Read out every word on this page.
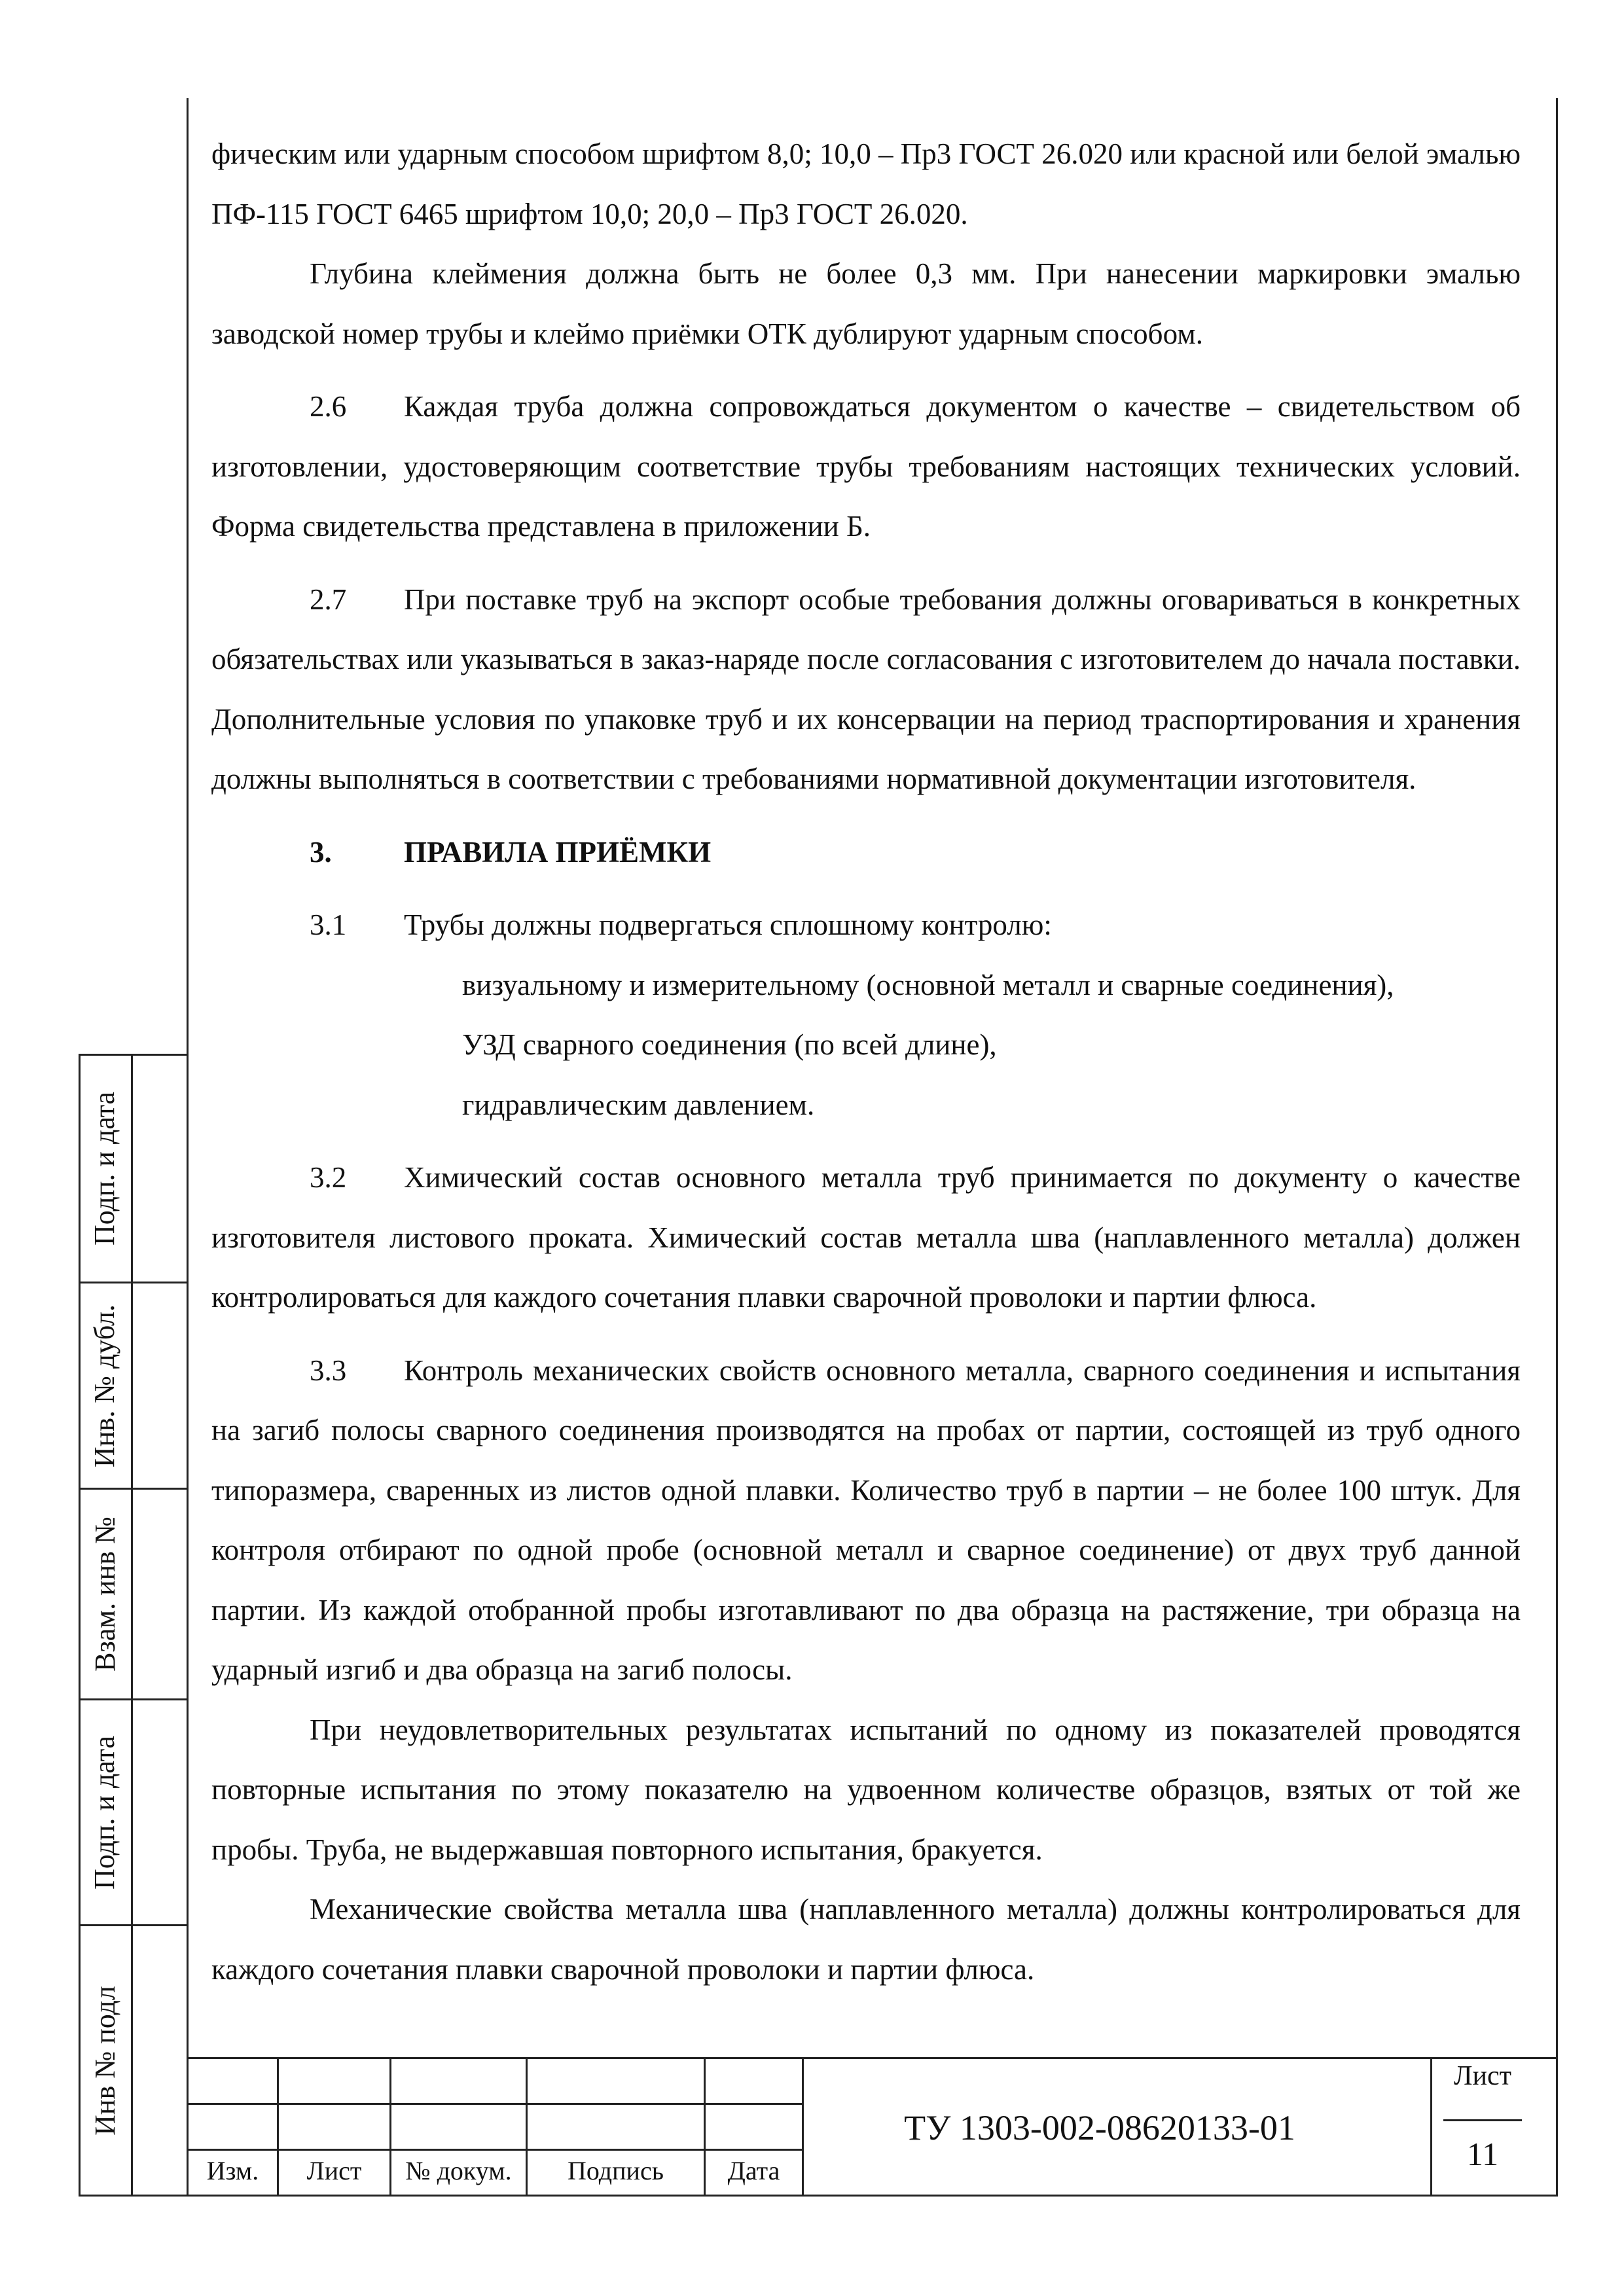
Подп. и дата
Инв. № дубл.
Взам. инв №
Подп. и дата
Инв № подл

фическим или ударным способом шрифтом 8,0; 10,0 – Пр3 ГОСТ 26.020 или красной или белой эмалью ПФ-115 ГОСТ 6465 шрифтом 10,0; 20,0 – Пр3 ГОСТ 26.020.

Глубина клеймения должна быть не более 0,3 мм. При нанесении маркировки эмалью заводской номер трубы и клеймо приёмки ОТК дублируют ударным способом.

2.6 Каждая труба должна сопровождаться документом о качестве – свидетельством об изготовлении, удостоверяющим соответствие трубы требованиям настоящих технических условий. Форма свидетельства представлена в приложении Б.

2.7 При поставке труб на экспорт особые требования должны оговариваться в конкретных обязательствах или указываться в заказ-наряде после согласования с изготовителем до начала поставки. Дополнительные условия по упаковке труб и их консервации на период траспортирования и хранения должны выполняться в соответствии с требованиями нормативной документации изготовителя.

3. ПРАВИЛА ПРИЁМКИ

3.1 Трубы должны подвергаться сплошному контролю:

визуальному и измерительному (основной металл и сварные соединения),

УЗД сварного соединения (по всей длине),

гидравлическим давлением.

3.2 Химический состав основного металла труб принимается по документу о качестве изготовителя листового проката. Химический состав металла шва (наплавленного металла) должен контролироваться для каждого сочетания плавки сварочной проволоки и партии флюса.

3.3 Контроль механических свойств основного металла, сварного соединения и испытания на загиб полосы сварного соединения производятся на пробах от партии, состоящей из труб одного типоразмера, сваренных из листов одной плавки. Количество труб в партии – не более 100 штук. Для контроля отбирают по одной пробе (основной металл и сварное соединение) от двух труб данной партии. Из каждой отобранной пробы изготавливают по два образца на растяжение, три образца на ударный изгиб и два образца на загиб полосы.

При неудовлетворительных результатах испытаний по одному из показателей проводятся повторные испытания по этому показателю на удвоенном количестве образцов, взятых от той же пробы. Труба, не выдержавшая повторного испытания, бракуется.

Механические свойства металла шва (наплавленного металла) должны контролироваться для каждого сочетания плавки сварочной проволоки и партии флюса.

Изм.	Лист	№ докум.	Подпись	Дата
ТУ 1303-002-08620133-01
Лист
11
